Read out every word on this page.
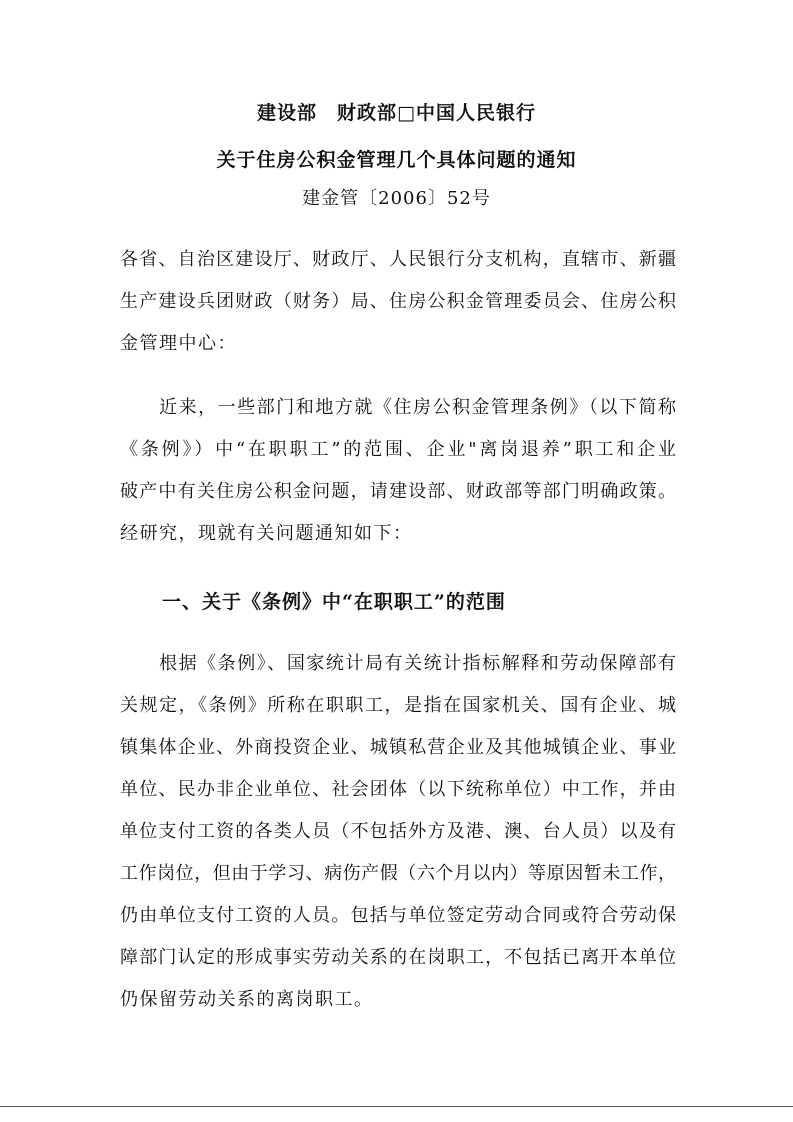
建设部　财政部□中国人民银行
关于住房公积金管理几个具体问题的通知
建金管〔2006〕52号
各省、自治区建设厅、财政厅、人民银行分支机构，直辖市、新疆
生产建设兵团财政（财务）局、住房公积金管理委员会、住房公积
金管理中心：
　　近来，一些部门和地方就《住房公积金管理条例》（以下简称
《条例》）中“在职职工”的范围、企业"离岗退养”职工和企业
破产中有关住房公积金问题，请建设部、财政部等部门明确政策。
经研究，现就有关问题通知如下：
一、关于《条例》中“在职职工”的范围
　　根据《条例》、国家统计局有关统计指标解释和劳动保障部有
关规定，《条例》所称在职职工，是指在国家机关、国有企业、城
镇集体企业、外商投资企业、城镇私营企业及其他城镇企业、事业
单位、民办非企业单位、社会团体（以下统称单位）中工作，并由
单位支付工资的各类人员（不包括外方及港、澳、台人员）以及有
工作岗位，但由于学习、病伤产假（六个月以内）等原因暂未工作，
仍由单位支付工资的人员。包括与单位签定劳动合同或符合劳动保
障部门认定的形成事实劳动关系的在岗职工，不包括已离开本单位
仍保留劳动关系的离岗职工。
